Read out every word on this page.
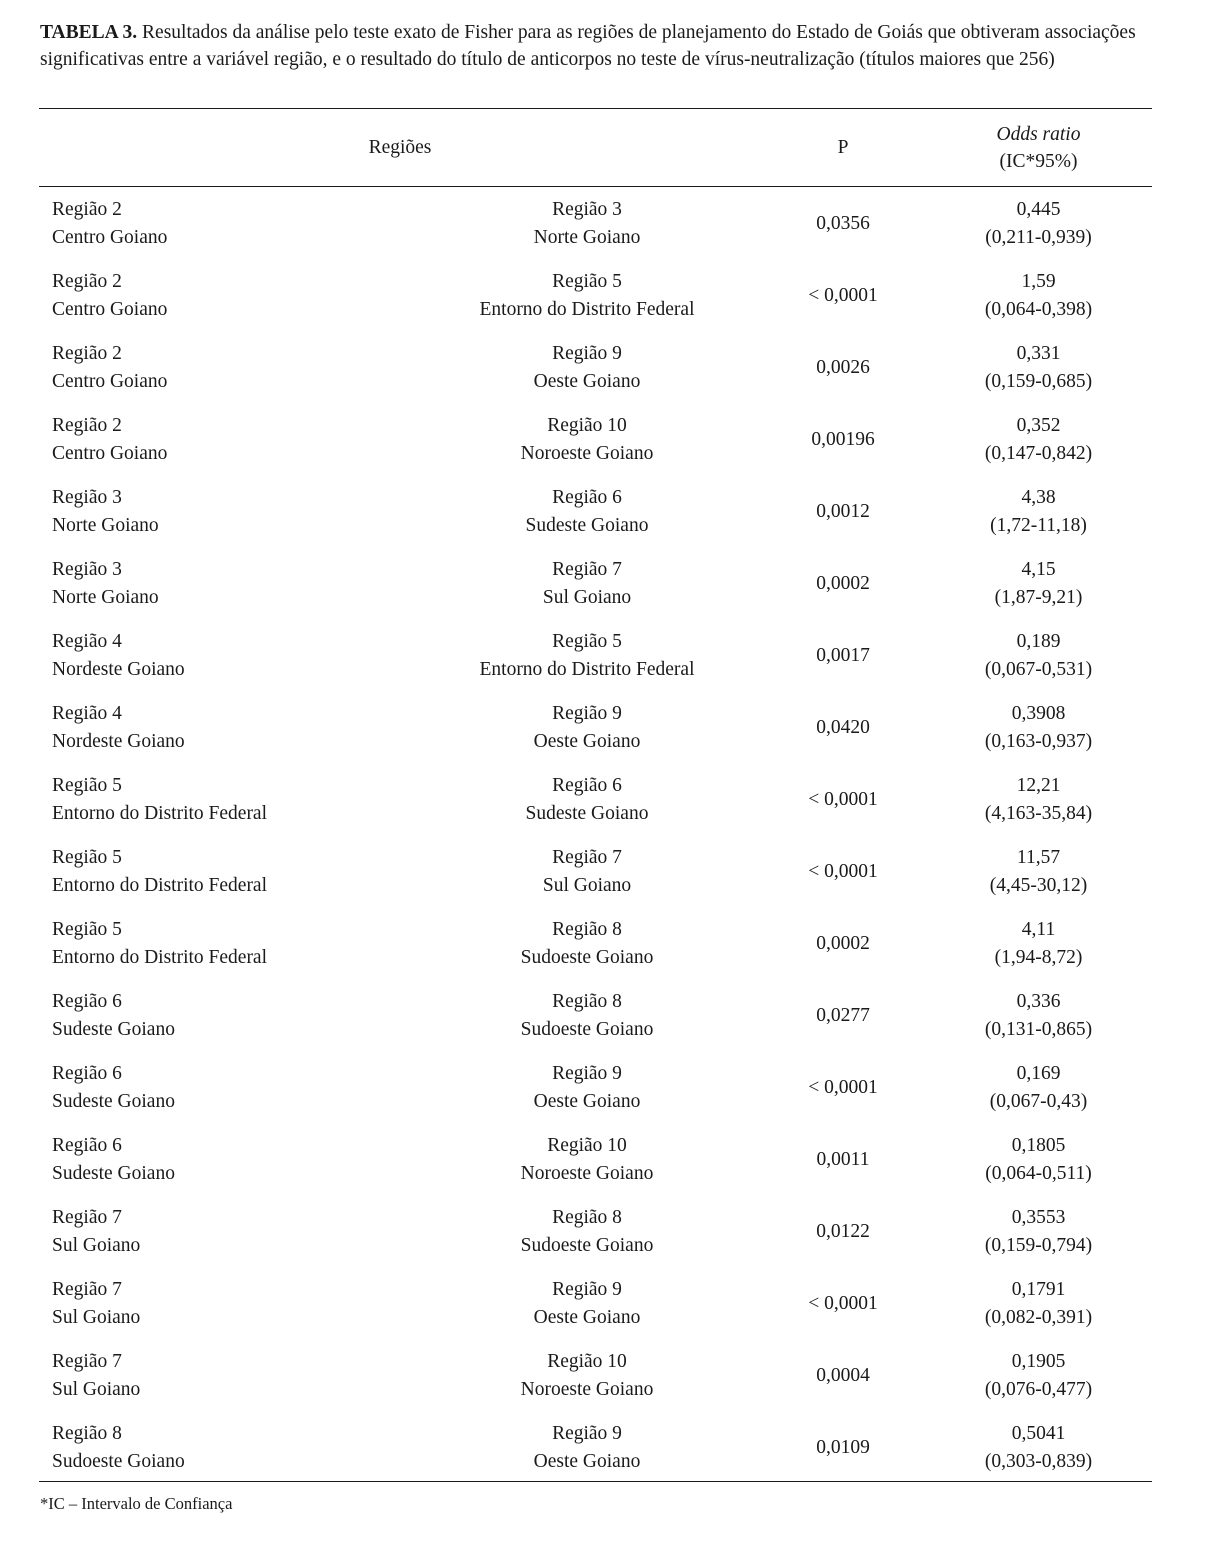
TABELA 3. Resultados da análise pelo teste exato de Fisher para as regiões de planejamento do Estado de Goiás que obtiveram associações significativas entre a variável região, e o resultado do título de anticorpos no teste de vírus-neutralização (títulos maiores que 256)
Regiões	P
Odds ratio
(IC*95%)
Região 2
Centro Goiano
Região 3
Norte Goiano
0,0356
0,445
(0,211-0,939)
Região 2
Centro Goiano
Região 5
Entorno do Distrito Federal
< 0,0001
1,59
(0,064-0,398)
Região 2
Centro Goiano
Região 9
Oeste Goiano
0,0026
0,331
(0,159-0,685)
Região 2
Centro Goiano
Região 10
Noroeste Goiano
0,00196
0,352
(0,147-0,842)
Região 3
Norte Goiano
Região 6
Sudeste Goiano
0,0012
4,38
(1,72-11,18)
Região 3
Norte Goiano
Região 7
Sul Goiano
0,0002
4,15
(1,87-9,21)
Região 4
Nordeste Goiano
Região 5
Entorno do Distrito Federal
0,0017
0,189
(0,067-0,531)
Região 4
Nordeste Goiano
Região 9
Oeste Goiano
0,0420
0,3908
(0,163-0,937)
Região 5
Entorno do Distrito Federal
Região 6
Sudeste Goiano
< 0,0001
12,21
(4,163-35,84)
Região 5
Entorno do Distrito Federal
Região 7
Sul Goiano
< 0,0001
11,57
(4,45-30,12)
Região 5
Entorno do Distrito Federal
Região 8
Sudoeste Goiano
0,0002
4,11
(1,94-8,72)
Região 6
Sudeste Goiano
Região 8
Sudoeste Goiano
0,0277
0,336
(0,131-0,865)
Região 6
Sudeste Goiano
Região 9
Oeste Goiano
< 0,0001
0,169
(0,067-0,43)
Região 6
Sudeste Goiano
Região 10
Noroeste Goiano
0,0011
0,1805
(0,064-0,511)
Região 7
Sul Goiano
Região 8
Sudoeste Goiano
0,0122
0,3553
(0,159-0,794)
Região 7
Sul Goiano
Região 9
Oeste Goiano
< 0,0001
0,1791
(0,082-0,391)
Região 7
Sul Goiano
Região 10
Noroeste Goiano
0,0004
0,1905
(0,076-0,477)
Região 8
Sudoeste Goiano
Região 9
Oeste Goiano
0,0109
0,5041
(0,303-0,839)
*IC – Intervalo de Confiança
